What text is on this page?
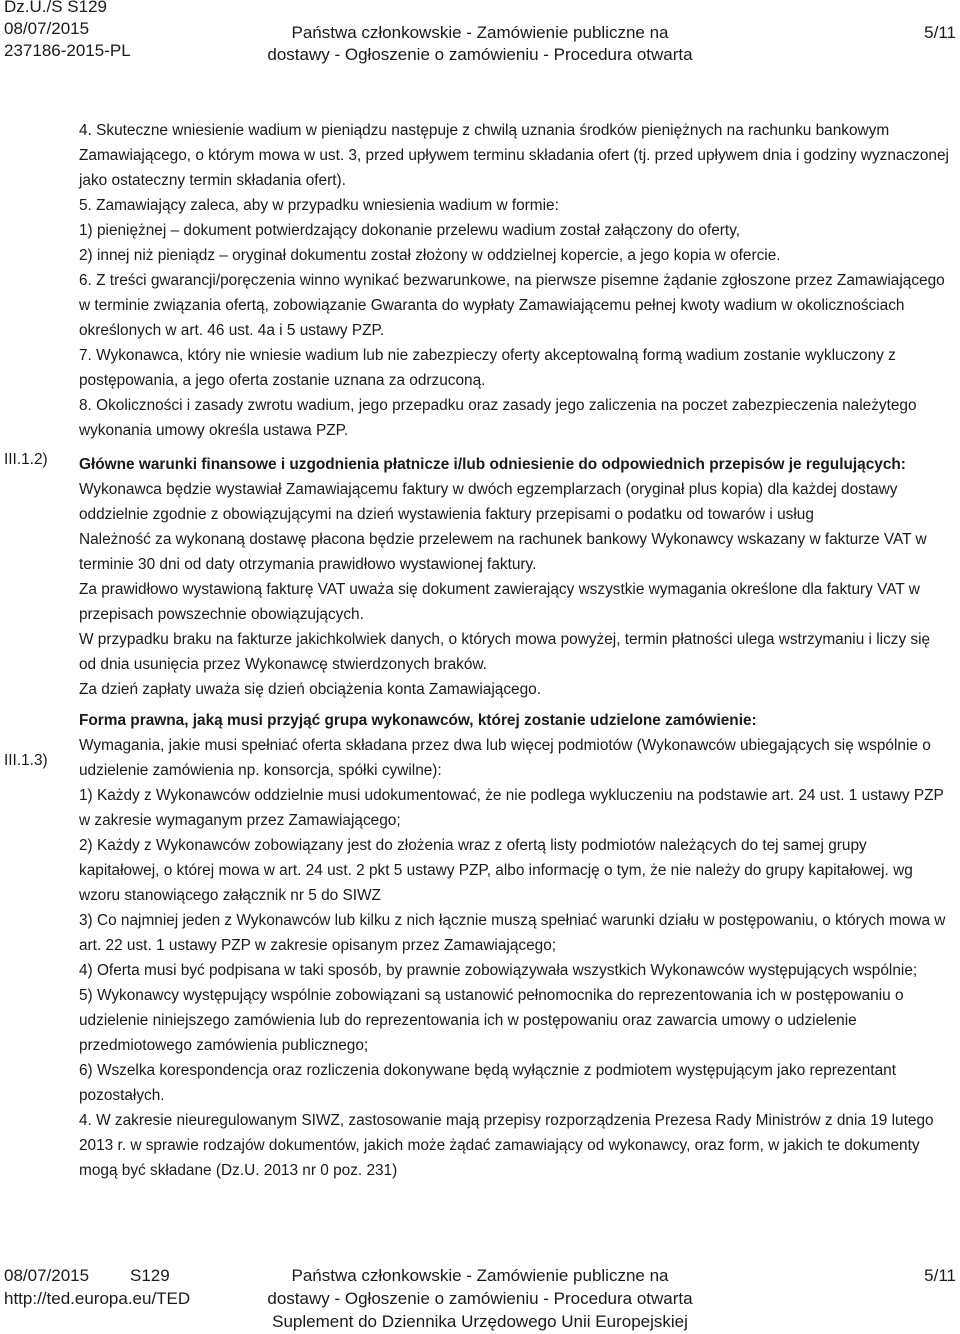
Dz.U./S S129
08/07/2015
237186-2015-PL
Państwa członkowskie - Zamówienie publiczne na
dostawy - Ogłoszenie o zamówieniu - Procedura otwarta
5/11
III.1.2)
III.1.3)

4. Skuteczne wniesienie wadium w pieniądzu następuje z chwilą uznania środków pieniężnych na rachunku bankowym Zamawiającego, o którym mowa w ust. 3, przed upływem terminu składania ofert (tj. przed upływem dnia i godziny wyznaczonej jako ostateczny termin składania ofert).

5. Zamawiający zaleca, aby w przypadku wniesienia wadium w formie:

1) pieniężnej – dokument potwierdzający dokonanie przelewu wadium został załączony do oferty,

2) innej niż pieniądz – oryginał dokumentu został złożony w oddzielnej kopercie, a jego kopia w ofercie.

6. Z treści gwarancji/poręczenia winno wynikać bezwarunkowe, na pierwsze pisemne żądanie zgłoszone przez Zamawiającego w terminie związania ofertą, zobowiązanie Gwaranta do wypłaty Zamawiającemu pełnej kwoty wadium w okolicznościach określonych w art. 46 ust. 4a i 5 ustawy PZP.

7. Wykonawca, który nie wniesie wadium lub nie zabezpieczy oferty akceptowalną formą wadium zostanie wykluczony z postępowania, a jego oferta zostanie uznana za odrzuconą.

8. Okoliczności i zasady zwrotu wadium, jego przepadku oraz zasady jego zaliczenia na poczet zabezpieczenia należytego wykonania umowy określa ustawa PZP.

Główne warunki finansowe i uzgodnienia płatnicze i/lub odniesienie do odpowiednich przepisów je regulujących:

Wykonawca będzie wystawiał Zamawiającemu faktury w dwóch egzemplarzach (oryginał plus kopia) dla każdej dostawy oddzielnie zgodnie z obowiązującymi na dzień wystawienia faktury przepisami o podatku od towarów i usług

Należność za wykonaną dostawę płacona będzie przelewem na rachunek bankowy Wykonawcy wskazany w fakturze VAT w terminie 30 dni od daty otrzymania prawidłowo wystawionej faktury.

Za prawidłowo wystawioną fakturę VAT uważa się dokument zawierający wszystkie wymagania określone dla faktury VAT w przepisach powszechnie obowiązujących.

W przypadku braku na fakturze jakichkolwiek danych, o których mowa powyżej, termin płatności ulega wstrzymaniu i liczy się od dnia usunięcia przez Wykonawcę stwierdzonych braków.

Za dzień zapłaty uważa się dzień obciążenia konta Zamawiającego.

Forma prawna, jaką musi przyjąć grupa wykonawców, której zostanie udzielone zamówienie:

Wymagania, jakie musi spełniać oferta składana przez dwa lub więcej podmiotów (Wykonawców ubiegających się wspólnie o udzielenie zamówienia np. konsorcja, spółki cywilne):

1) Każdy z Wykonawców oddzielnie musi udokumentować, że nie podlega wykluczeniu na podstawie art. 24 ust. 1 ustawy PZP w zakresie wymaganym przez Zamawiającego;

2) Każdy z Wykonawców zobowiązany jest do złożenia wraz z ofertą listy podmiotów należących do tej samej grupy kapitałowej, o której mowa w art. 24 ust. 2 pkt 5 ustawy PZP, albo informację o tym, że nie należy do grupy kapitałowej. wg wzoru stanowiącego załącznik nr 5 do SIWZ

3) Co najmniej jeden z Wykonawców lub kilku z nich łącznie muszą spełniać warunki działu w postępowaniu, o których mowa w art. 22 ust. 1 ustawy PZP w zakresie opisanym przez Zamawiającego;

4) Oferta musi być podpisana w taki sposób, by prawnie zobowiązywała wszystkich Wykonawców występujących wspólnie;

5) Wykonawcy występujący wspólnie zobowiązani są ustanowić pełnomocnika do reprezentowania ich w postępowaniu o udzielenie niniejszego zamówienia lub do reprezentowania ich w postępowaniu oraz zawarcia umowy o udzielenie przedmiotowego zamówienia publicznego;

6) Wszelka korespondencja oraz rozliczenia dokonywane będą wyłącznie z podmiotem występującym jako reprezentant pozostałych.

4. W zakresie nieuregulowanym SIWZ, zastosowanie mają przepisy rozporządzenia Prezesa Rady Ministrów z dnia 19 lutego 2013 r. w sprawie rodzajów dokumentów, jakich może żądać zamawiający od wykonawcy, oraz form, w jakich te dokumenty mogą być składane (Dz.U. 2013 nr 0 poz. 231)

08/07/2015 S129
http://ted.europa.eu/TED
Państwa członkowskie - Zamówienie publiczne na
dostawy - Ogłoszenie o zamówieniu - Procedura otwarta
Suplement do Dziennika Urzędowego Unii Europejskiej
5/11
